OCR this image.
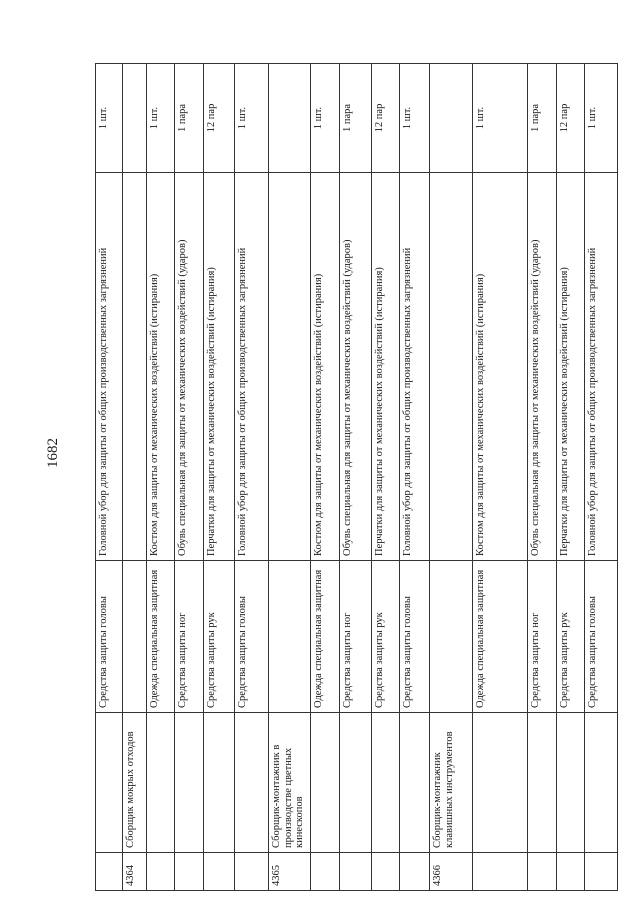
1682
		Средства защиты головы	Головной убор для защиты от общих производственных загрязнений	1 шт.
4364	Сборщик мокрых отходов			
		Одежда специальная защитная	Костюм для защиты от механических воздействий (истирания)	1 шт.
		Средства защиты ног	Обувь специальная для защиты от механических воздействий (ударов)	1 пара
		Средства защиты рук	Перчатки для защиты от механических воздействий (истирания)	12 пар
		Средства защиты головы	Головной убор для защиты от общих производственных загрязнений	1 шт.
4365	Сборщик-монтажник в производстве цветных кинескопов			
		Одежда специальная защитная	Костюм для защиты от механических воздействий (истирания)	1 шт.
		Средства защиты ног	Обувь специальная для защиты от механических воздействий (ударов)	1 пара
		Средства защиты рук	Перчатки для защиты от механических воздействий (истирания)	12 пар
		Средства защиты головы	Головной убор для защиты от общих производственных загрязнений	1 шт.
4366	Сборщик-монтажник клавишных инструментов			
		Одежда специальная защитная	Костюм для защиты от механических воздействий (истирания)	1 шт.
		Средства защиты ног	Обувь специальная для защиты от механических воздействий (ударов)	1 пара
		Средства защиты рук	Перчатки для защиты от механических воздействий (истирания)	12 пар
		Средства защиты головы	Головной убор для защиты от общих производственных загрязнений	1 шт.
